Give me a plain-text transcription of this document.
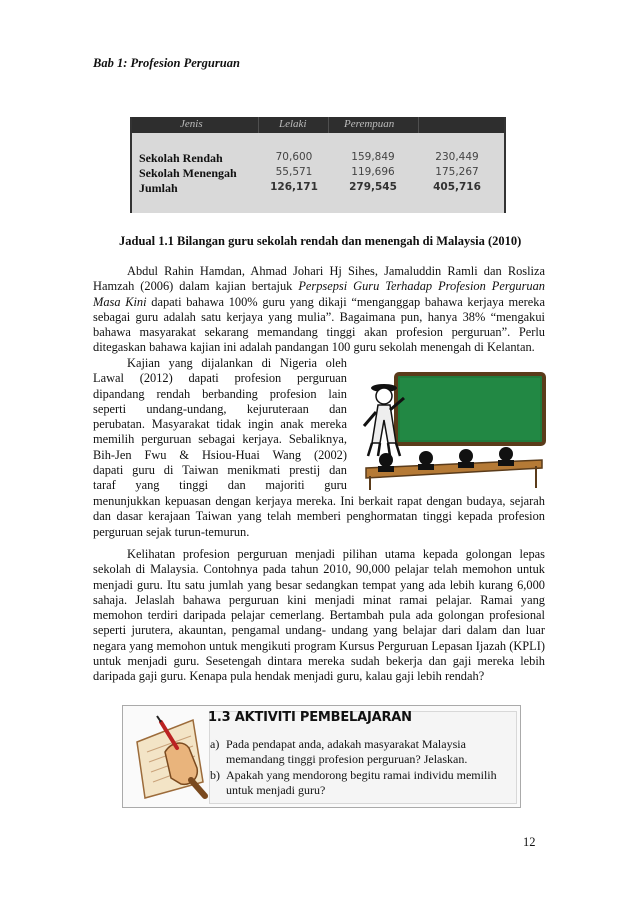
Bab 1: Profesion Perguruan
Jenis	Lelaki	Perempuan
Sekolah Rendah	70,600	159,849	230,449
Sekolah Menengah	55,571	119,696	175,267
Jumlah	126,171	279,545	405,716
Jadual 1.1 Bilangan guru sekolah rendah dan menengah di Malaysia (2010)

Abdul Rahin Hamdan, Ahmad Johari Hj Sihes, Jamaluddin Ramli dan Rosliza Hamzah (2006) dalam kajian bertajuk Perpsepsi Guru Terhadap Profesion Perguruan Masa Kini dapati bahawa 100% guru yang dikaji “menganggap bahawa kerjaya mereka sebagai guru adalah satu kerjaya yang mulia”. Bagaimana pun, hanya 38% “mengakui bahawa masyarakat sekarang memandang tinggi akan profesion perguruan”. Perlu ditegaskan bahawa kajian ini adalah pandangan 100 guru sekolah menengah di Kelantan.

Kajian yang dijalankan di Nigeria oleh
Lawal (2012) dapati profesion perguruan
dipandang rendah berbanding profesion lain
seperti undang-undang, kejuruteraan dan
perubatan. Masyarakat tidak ingin anak mereka
memilih perguruan sebagai kerjaya. Sebaliknya,
Bih-Jen Fwu & Hsiou-Huai Wang (2002)
dapati guru di Taiwan menikmati prestij dan
taraf yang tinggi dan majoriti guru

menunjukkan kepuasan dengan kerjaya mereka. Ini berkait rapat dengan budaya, sejarah dan dasar kerajaan Taiwan yang telah memberi penghormatan tinggi kepada profesion perguruan sejak turun-temurun.

Kelihatan profesion perguruan menjadi pilihan utama kepada golongan lepas sekolah di Malaysia. Contohnya pada tahun 2010, 90,000 pelajar telah memohon untuk menjadi guru. Itu satu jumlah yang besar sedangkan tempat yang ada lebih kurang 6,000 sahaja. Jelaslah bahawa perguruan kini menjadi minat ramai pelajar. Ramai yang memohon terdiri daripada pelajar cemerlang. Bertambah pula ada golongan profesional seperti jurutera, akauntan, pengamal undang- undang yang belajar dari dalam dan luar negara yang memohon untuk mengikuti program Kursus Perguruan Lepasan Ijazah (KPLI) untuk menjadi guru. Sesetengah dintara mereka sudah bekerja dan gaji mereka lebih daripada gaji guru. Kenapa pula hendak menjadi guru, kalau gaji lebih rendah?

1.3 AKTIVITI PEMBELAJARAN
a) Pada pendapat anda, adakah masyarakat Malaysia memandang tinggi profesion perguruan? Jelaskan.
b) Apakah yang mendorong begitu ramai individu memilih untuk menjadi guru?
12
